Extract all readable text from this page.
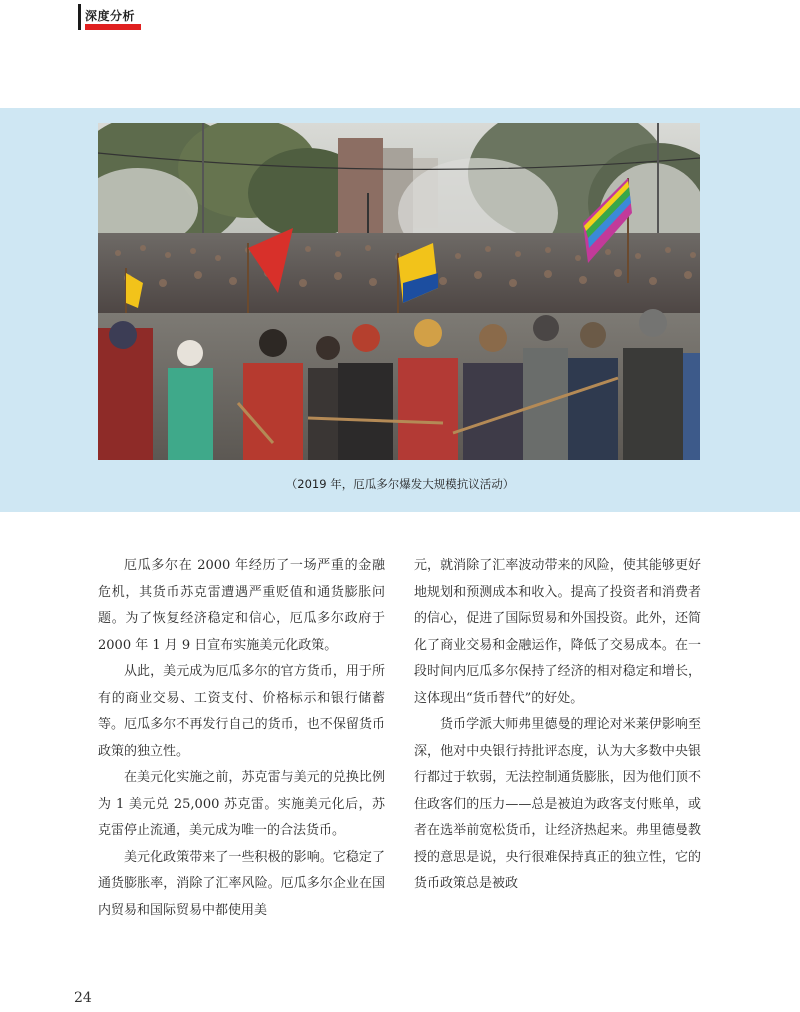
深度分析
（2019 年，厄瓜多尔爆发大规模抗议活动）

厄瓜多尔在 2000 年经历了一场严重的金融危机，其货币苏克雷遭遇严重贬值和通货膨胀问题。为了恢复经济稳定和信心，厄瓜多尔政府于 2000 年 1 月 9 日宣布实施美元化政策。

从此，美元成为厄瓜多尔的官方货币，用于所有的商业交易、工资支付、价格标示和银行储蓄等。厄瓜多尔不再发行自己的货币，也不保留货币政策的独立性。

在美元化实施之前，苏克雷与美元的兑换比例为 1 美元兑 25,000 苏克雷。实施美元化后，苏克雷停止流通，美元成为唯一的合法货币。

美元化政策带来了一些积极的影响。它稳定了通货膨胀率，消除了汇率风险。厄瓜多尔企业在国内贸易和国际贸易中都使用美

元，就消除了汇率波动带来的风险，使其能够更好地规划和预测成本和收入。提高了投资者和消费者的信心，促进了国际贸易和外国投资。此外，还简化了商业交易和金融运作，降低了交易成本。在一段时间内厄瓜多尔保持了经济的相对稳定和增长，这体现出“货币替代”的好处。

货币学派大师弗里德曼的理论对米莱伊影响至深，他对中央银行持批评态度，认为大多数中央银行都过于软弱，无法控制通货膨胀，因为他们顶不住政客们的压力——总是被迫为政客支付账单，或者在选举前宽松货币，让经济热起来。弗里德曼教授的意思是说，央行很难保持真正的独立性，它的货币政策总是被政

24
